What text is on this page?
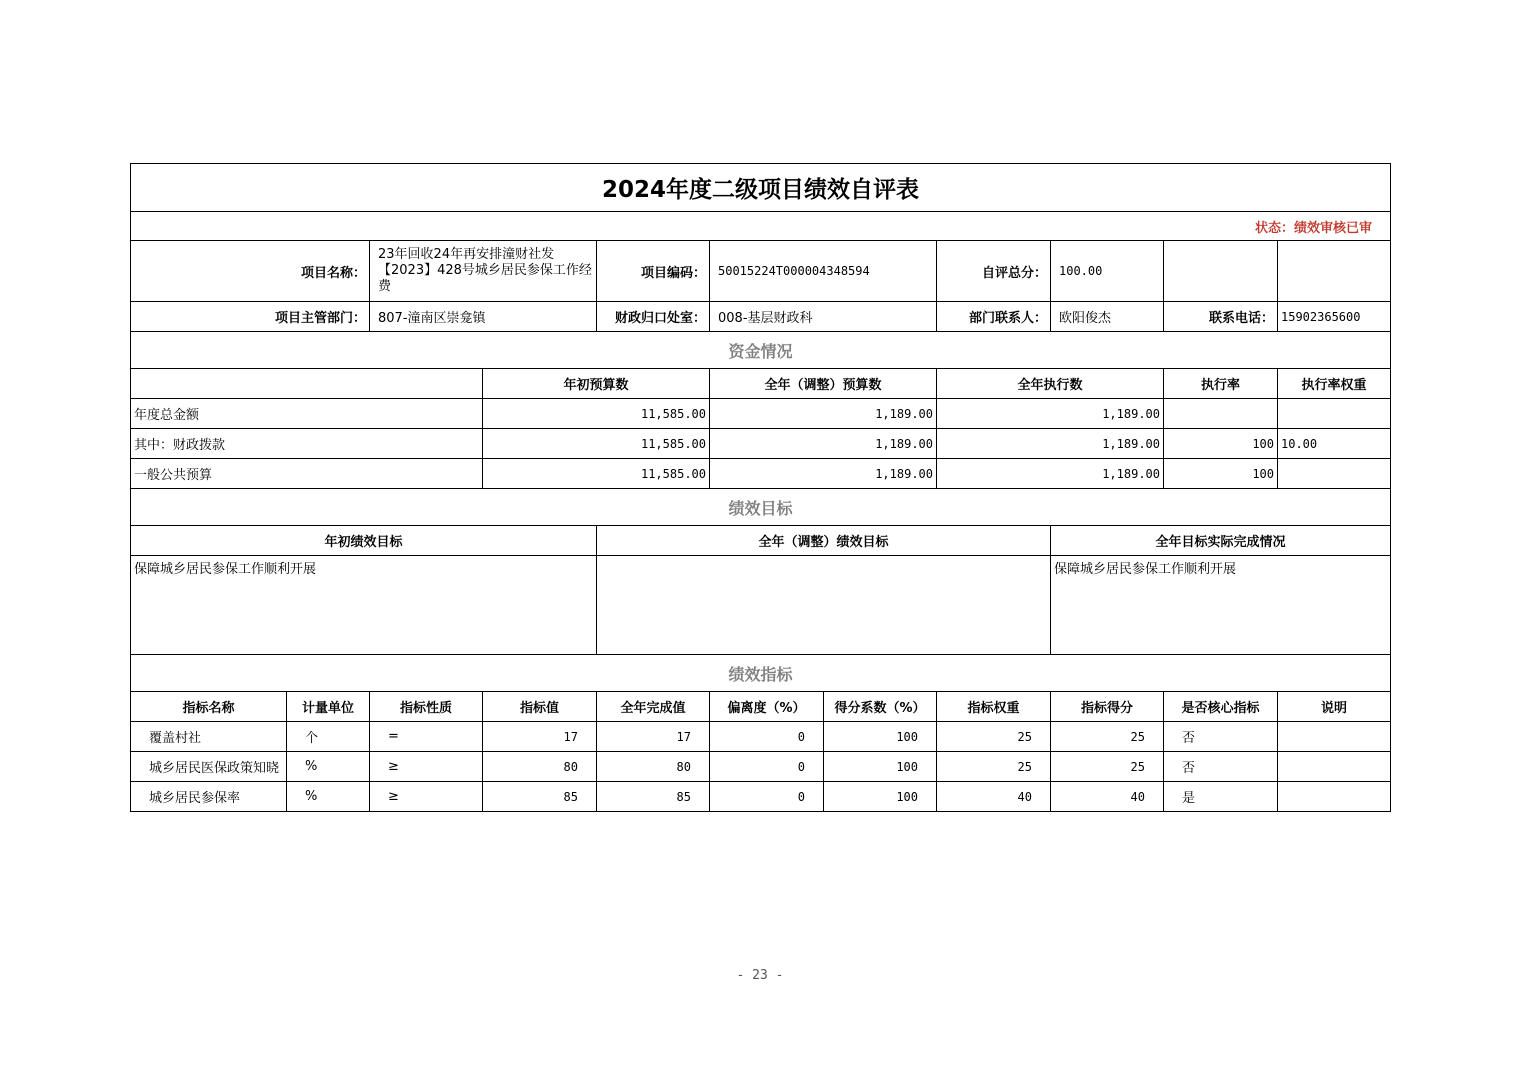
2024年度二级项目绩效自评表											
状态：绩效审核已审											
项目名称：		23年回收24年再安排潼财社发【2023】428号城乡居民参保工作经费		项目编码：	50015224T000004348594		自评总分：	100.00			
项目主管部门：		807-潼南区崇龛镇		财政归口处室：	008-基层财政科		部门联系人：	欧阳俊杰	联系电话：	15902365600	
资金情况											
			年初预算数		全年（调整）预算数		全年执行数		执行率	执行率权重	
年度总金额			11,585.00		1,189.00		1,189.00				
其中：财政拨款			11,585.00		1,189.00		1,189.00		100	10.00	
一般公共预算			11,585.00		1,189.00		1,189.00		100		
绩效目标											
年初绩效目标				全年（调整）绩效目标				全年目标实际完成情况			
保障城乡居民参保工作顺利开展								保障城乡居民参保工作顺利开展			
绩效指标											
指标名称	计量单位	指标性质	指标值	全年完成值	偏离度（%）	得分系数（%）	指标权重	指标得分	是否核心指标	说明	
覆盖村社	个	=	17	17	0	100	25	25	否		
城乡居民医保政策知晓	%	≥	80	80	0	100	25	25	否		
城乡居民参保率	%	≥	85	85	0	100	40	40	是		
- 23 -
